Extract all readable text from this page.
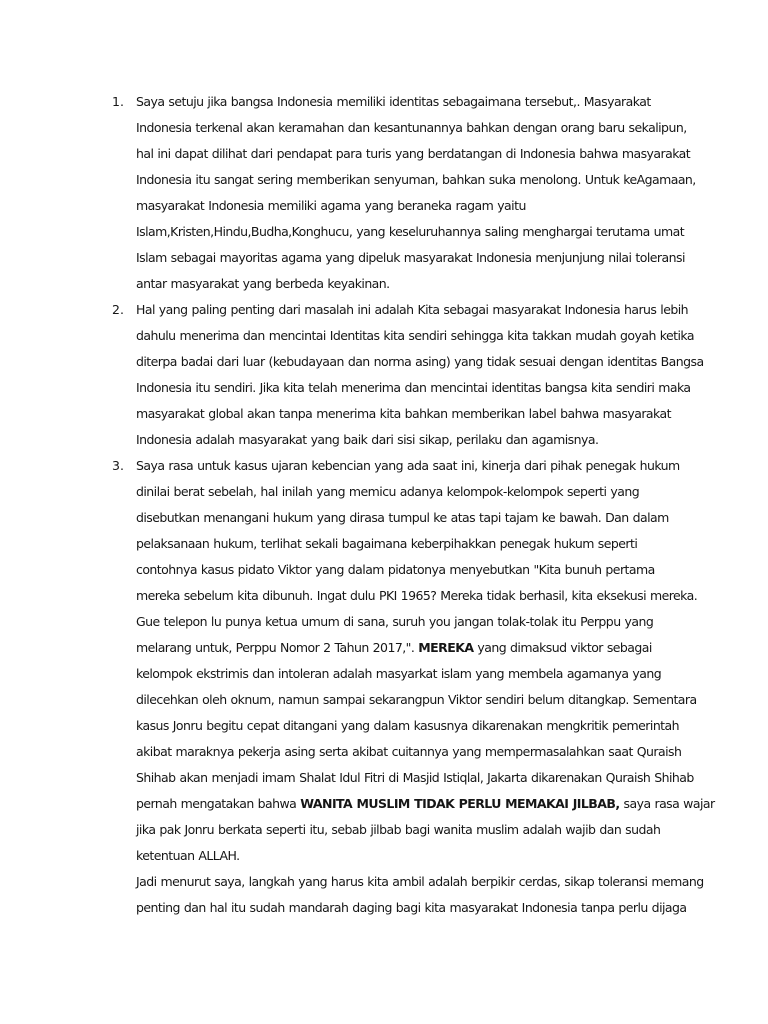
1. Saya setuju jika bangsa Indonesia memiliki identitas sebagaimana tersebut,. Masyarakat
Indonesia terkenal akan keramahan dan kesantunannya bahkan dengan orang baru sekalipun,
hal ini dapat dilihat dari pendapat para turis yang berdatangan di Indonesia bahwa masyarakat
Indonesia itu sangat sering memberikan senyuman, bahkan suka menolong. Untuk keAgamaan,
masyarakat Indonesia memiliki agama yang beraneka ragam yaitu
Islam,Kristen,Hindu,Budha,Konghucu, yang keseluruhannya saling menghargai terutama umat
Islam sebagai mayoritas agama yang dipeluk masyarakat Indonesia menjunjung nilai toleransi
antar masyarakat yang berbeda keyakinan.
2. Hal yang paling penting dari masalah ini adalah Kita sebagai masyarakat Indonesia harus lebih
dahulu menerima dan mencintai Identitas kita sendiri sehingga kita takkan mudah goyah ketika
diterpa badai dari luar (kebudayaan dan norma asing) yang tidak sesuai dengan identitas Bangsa
Indonesia itu sendiri. Jika kita telah menerima dan mencintai identitas bangsa kita sendiri maka
masyarakat global akan tanpa menerima kita bahkan memberikan label bahwa masyarakat
Indonesia adalah masyarakat yang baik dari sisi sikap, perilaku dan agamisnya.
3. Saya rasa untuk kasus ujaran kebencian yang ada saat ini, kinerja dari pihak penegak hukum
dinilai berat sebelah, hal inilah yang memicu adanya kelompok-kelompok seperti yang
disebutkan menangani hukum yang dirasa tumpul ke atas tapi tajam ke bawah. Dan dalam
pelaksanaan hukum, terlihat sekali bagaimana keberpihakkan penegak hukum seperti
contohnya kasus pidato Viktor yang dalam pidatonya menyebutkan "Kita bunuh pertama
mereka sebelum kita dibunuh. Ingat dulu PKI 1965? Mereka tidak berhasil, kita eksekusi mereka.
Gue telepon lu punya ketua umum di sana, suruh you jangan tolak-tolak itu Perppu yang
melarang untuk, Perppu Nomor 2 Tahun 2017,". MEREKA yang dimaksud viktor sebagai
kelompok ekstrimis dan intoleran adalah masyarkat islam yang membela agamanya yang
dilecehkan oleh oknum, namun sampai sekarangpun Viktor sendiri belum ditangkap. Sementara
kasus Jonru begitu cepat ditangani yang dalam kasusnya dikarenakan mengkritik pemerintah
akibat maraknya pekerja asing serta akibat cuitannya yang mempermasalahkan saat Quraish
Shihab akan menjadi imam Shalat Idul Fitri di Masjid Istiqlal, Jakarta dikarenakan Quraish Shihab
pernah mengatakan bahwa WANITA MUSLIM TIDAK PERLU MEMAKAI JILBAB, saya rasa wajar
jika pak Jonru berkata seperti itu, sebab jilbab bagi wanita muslim adalah wajib dan sudah
ketentuan ALLAH.
Jadi menurut saya, langkah yang harus kita ambil adalah berpikir cerdas, sikap toleransi memang
penting dan hal itu sudah mandarah daging bagi kita masyarakat Indonesia tanpa perlu dijaga
